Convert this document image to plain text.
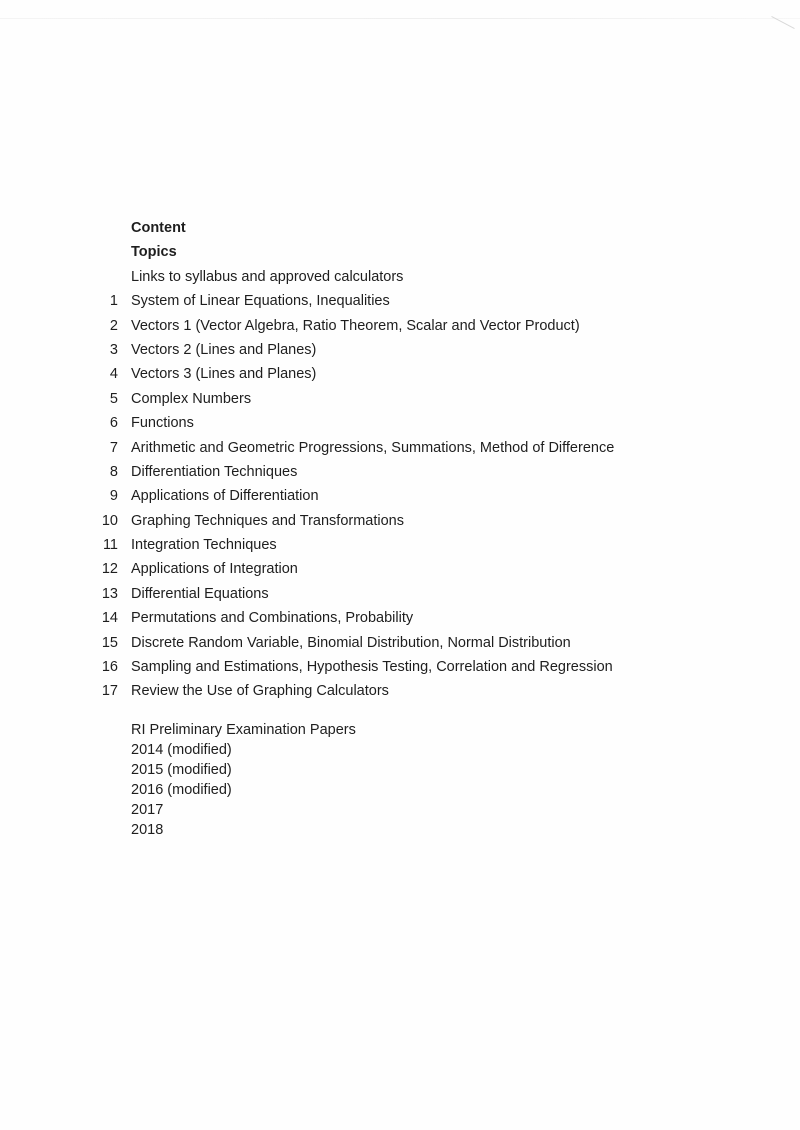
Content
Topics
Links to syllabus and approved calculators
1 System of Linear Equations, Inequalities
2 Vectors 1 (Vector Algebra, Ratio Theorem, Scalar and Vector Product)
3 Vectors 2 (Lines and Planes)
4 Vectors 3 (Lines and Planes)
5 Complex Numbers
6 Functions
7 Arithmetic and Geometric Progressions, Summations, Method of Difference
8 Differentiation Techniques
9 Applications of Differentiation
10 Graphing Techniques and Transformations
11 Integration Techniques
12 Applications of Integration
13 Differential Equations
14 Permutations and Combinations, Probability
15 Discrete Random Variable, Binomial Distribution, Normal Distribution
16 Sampling and Estimations, Hypothesis Testing, Correlation and Regression
17 Review the Use of Graphing Calculators
RI Preliminary Examination Papers
2014 (modified)
2015 (modified)
2016 (modified)
2017
2018
